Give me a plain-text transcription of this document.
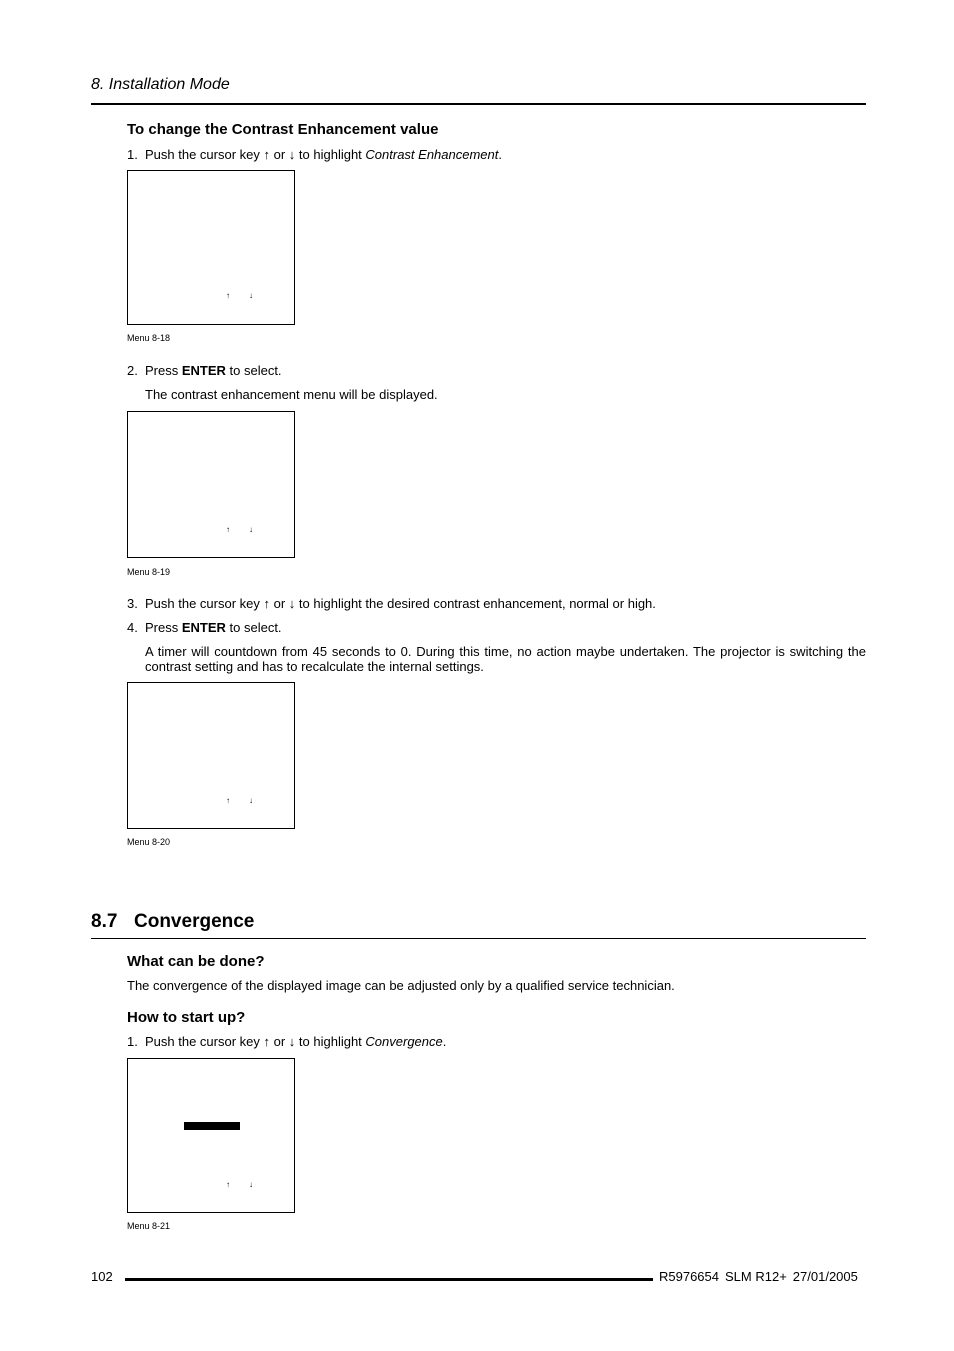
8. Installation Mode
To change the Contrast Enhancement value
1. Push the cursor key ↑ or ↓ to highlight Contrast Enhancement.
↑ ↓
Menu 8-18
2. Press ENTER to select.
The contrast enhancement menu will be displayed.
↑ ↓
Menu 8-19
3. Push the cursor key ↑ or ↓ to highlight the desired contrast enhancement, normal or high.
4. Press ENTER to select.
A timer will countdown from 45 seconds to 0. During this time, no action maybe undertaken. The projector is switching the contrast setting and has to recalculate the internal settings.
↑ ↓
Menu 8-20
8.7 Convergence
What can be done?
The convergence of the displayed image can be adjusted only by a qualified service technician.
How to start up?
1. Push the cursor key ↑ or ↓ to highlight Convergence.
↑ ↓
Menu 8-21
102	R5976654 SLM R12+ 27/01/2005
